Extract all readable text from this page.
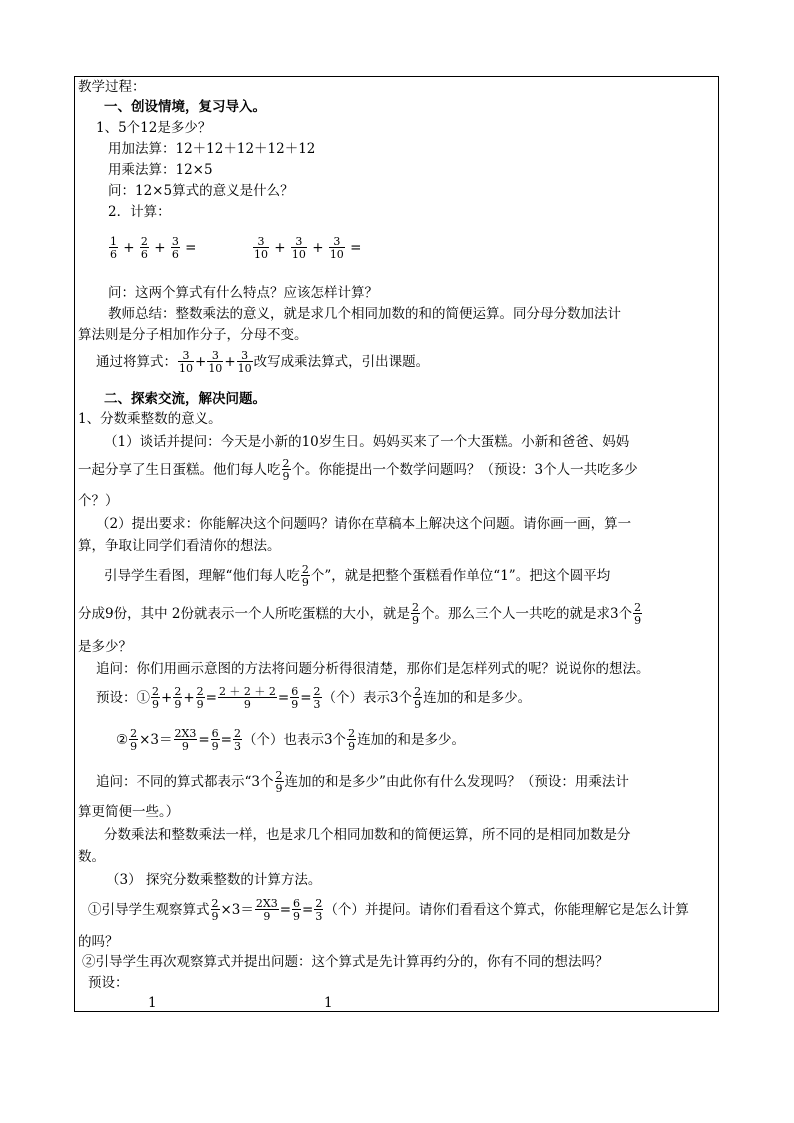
教学过程：
一、创设情境，复习导入。
1、5个12是多少？
用加法算：12＋12＋12＋12＋12
用乘法算：12×5
问：12×5算式的意义是什么？
2．计算：
$\frac{1}{6} + \frac{2}{6} + \frac{3}{6}$ =	$\frac{3}{10} + \frac{3}{10} + \frac{3}{10}$ =
问：这两个算式有什么特点？应该怎样计算？
教师总结：整数乘法的意义，就是求几个相同加数的和的简便运算。同分母分数加法计
算法则是分子相加作分子，分母不变。
通过将算式： $\frac{3}{10} + \frac{3}{10} + \frac{3}{10}$ 改写成乘法算式，引出课题。
二、探索交流，解决问题。
1、分数乘整数的意义。
（1）谈话并提问：今天是小新的10岁生日。妈妈买来了一个大蛋糕。小新和爸爸、妈妈
一起分享了生日蛋糕。他们每人吃 $\frac{2}{9}$ 个。你能提出一个数学问题吗？（预设：3个人一共吃多少
个？）
（2）提出要求：你能解决这个问题吗？请你在草稿本上解决这个问题。请你画一画，算一
算，争取让同学们看清你的想法。
引导学生看图，理解“他们每人吃 $\frac{2}{9}$ 个”，就是把整个蛋糕看作单位“1”。把这个圆平均
分成9份，其中 2份就表示一个人所吃蛋糕的大小，就是 $\frac{2}{9}$ 个。那么三个人一共吃的就是求3个 $\frac{2}{9}$
是多少？
追问：你们用画示意图的方法将问题分析得很清楚，那你们是怎样列式的呢？说说你的想法。
预设：① $\frac{2}{9} + \frac{2}{9} + \frac{2}{9} = \frac{2 + 2 + 2}{9} = \frac{6}{9} = \frac{2}{3}$ （个）表示3个 $\frac{2}{9}$ 连加的和是多少。
② $\frac{2}{9} \times 3= \frac{2X3}{9} = \frac{6}{9} = \frac{2}{3}$ （个）也表示3个 $\frac{2}{9}$ 连加的和是多少。
追问：不同的算式都表示“3个 $\frac{2}{9}$ 连加的和是多少”由此你有什么发现吗？（预设：用乘法计
算更简便一些。）
分数乘法和整数乘法一样，也是求几个相同加数和的简便运算，所不同的是相同加数是分
数。
（3） 探究分数乘整数的计算方法。
①引导学生观察算式 $\frac{2}{9} \times 3= \frac{2X3}{9} = \frac{6}{9} = \frac{2}{3}$ （个）并提问。请你们看看这个算式，你能理解它是怎么计算
的吗？
②引导学生再次观察算式并提出问题：这个算式是先计算再约分的，你有不同的想法吗？
预设：
1	1
